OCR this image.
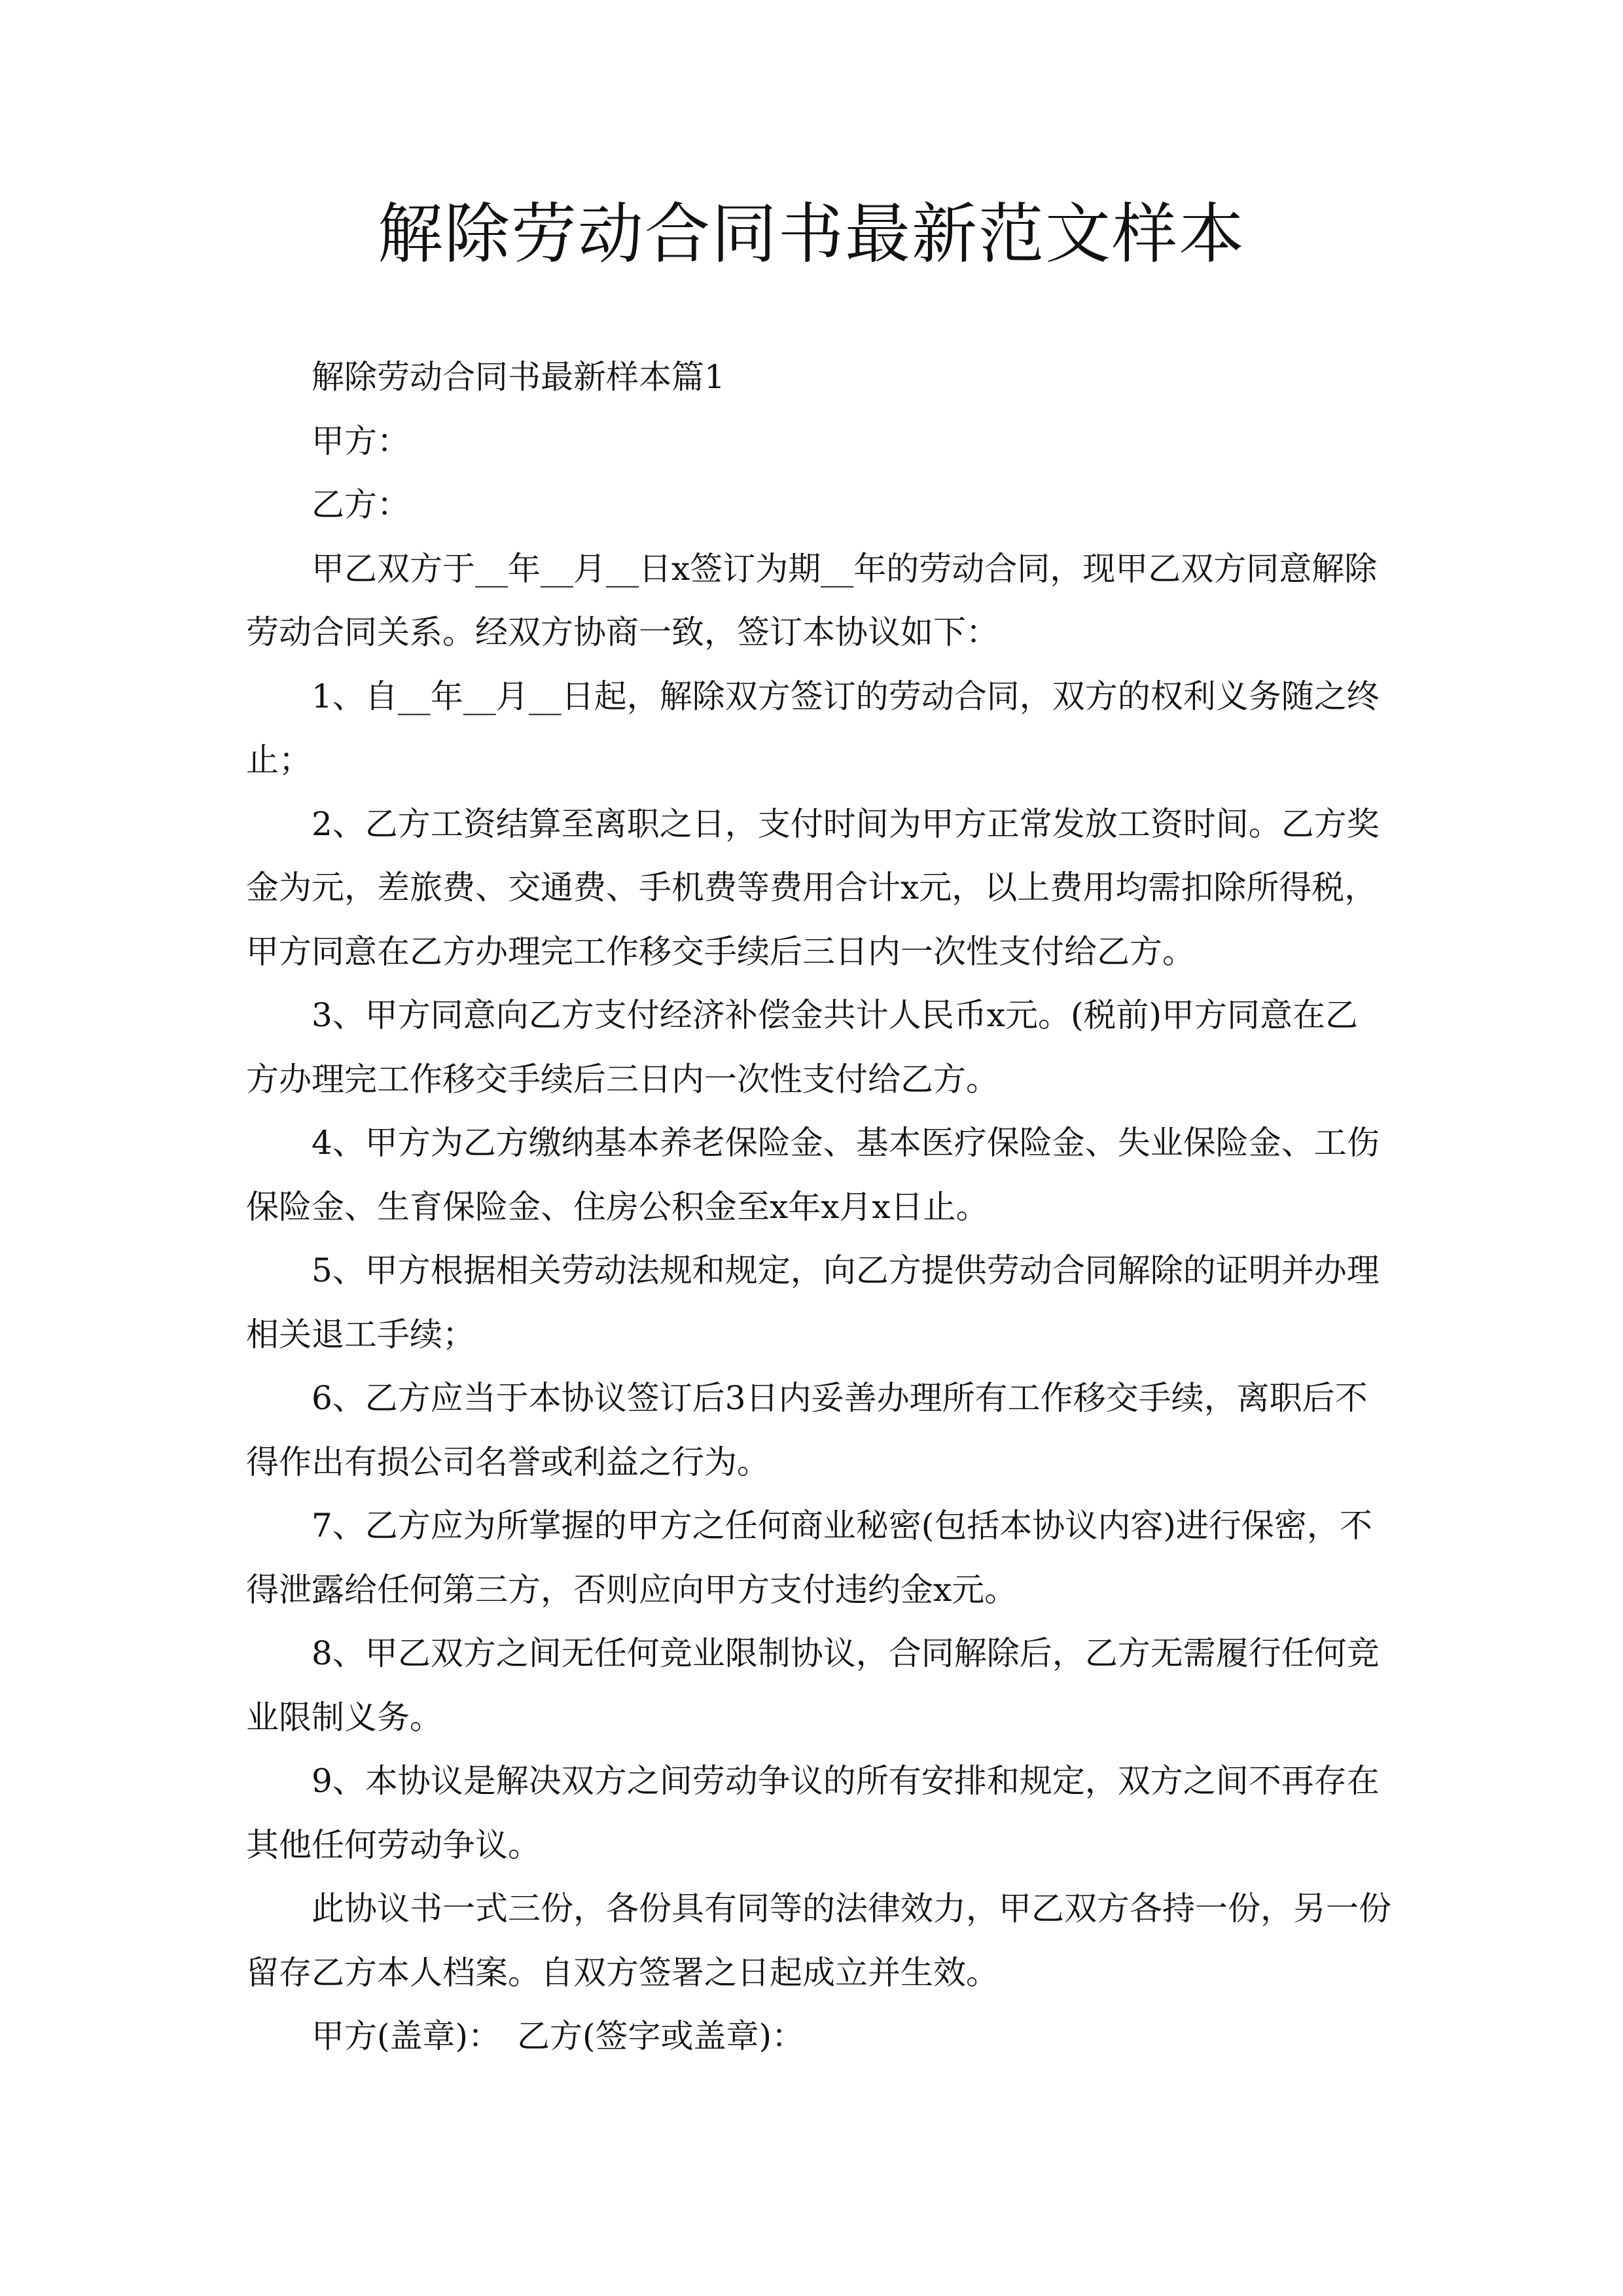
解除劳动合同书最新范文样本
解除劳动合同书最新样本篇1
甲方：
乙方：
甲乙双方于__年__月__日x签订为期__年的劳动合同，现甲乙双方同意解除
劳动合同关系。经双方协商一致，签订本协议如下：
1、自__年__月__日起，解除双方签订的劳动合同，双方的权利义务随之终
止；
2、乙方工资结算至离职之日，支付时间为甲方正常发放工资时间。乙方奖
金为元，差旅费、交通费、手机费等费用合计x元，以上费用均需扣除所得税，
甲方同意在乙方办理完工作移交手续后三日内一次性支付给乙方。
3、甲方同意向乙方支付经济补偿金共计人民币x元。(税前)甲方同意在乙
方办理完工作移交手续后三日内一次性支付给乙方。
4、甲方为乙方缴纳基本养老保险金、基本医疗保险金、失业保险金、工伤
保险金、生育保险金、住房公积金至x年x月x日止。
5、甲方根据相关劳动法规和规定，向乙方提供劳动合同解除的证明并办理
相关退工手续；
6、乙方应当于本协议签订后3日内妥善办理所有工作移交手续，离职后不
得作出有损公司名誉或利益之行为。
7、乙方应为所掌握的甲方之任何商业秘密(包括本协议内容)进行保密，不
得泄露给任何第三方，否则应向甲方支付违约金x元。
8、甲乙双方之间无任何竞业限制协议，合同解除后，乙方无需履行任何竞
业限制义务。
9、本协议是解决双方之间劳动争议的所有安排和规定，双方之间不再存在
其他任何劳动争议。
此协议书一式三份，各份具有同等的法律效力，甲乙双方各持一份，另一份
留存乙方本人档案。自双方签署之日起成立并生效。
甲方(盖章)：　乙方(签字或盖章)：
